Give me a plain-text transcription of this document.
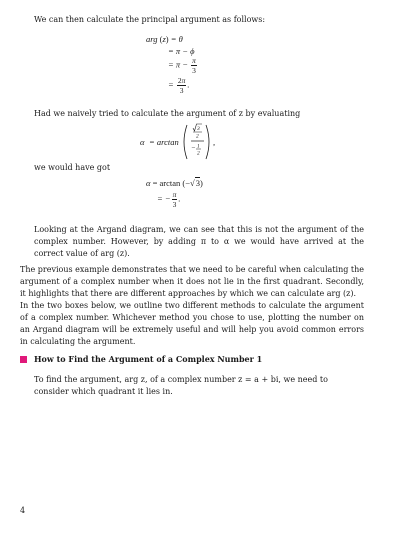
We can then calculate the principal argument as follows:

arg (z) = θ
= π − ϕ
= $\pi - \frac{\pi}{3}$
= $\frac{2\pi}{3}$ .

Had we naively tried to calculate the argument of z by evaluating

α = arctan
3
2
− 1
2
,

we would have got

α = arctan (−√3)
= − $\frac{\pi}{3}$ .

Looking at the Argand diagram, we can see that this is not the argument of the complex number. However, by adding π to α we would have arrived at the correct value of arg (z).

The previous example demonstrates that we need to be careful when calculating the argument of a complex number when it does not lie in the first quadrant. Secondly, it highlights that there are different approaches by which we can calculate arg (z).

In the two boxes below, we outline two different methods to calculate the argument of a complex number. Whichever method you chose to use, plotting the number on an Argand diagram will be extremely useful and will help you avoid common errors in calculating the argument.

How to Find the Argument of a Complex Number 1

To find the argument, arg z, of a complex number z = a + bi, we need to consider which quadrant it lies in.

4
